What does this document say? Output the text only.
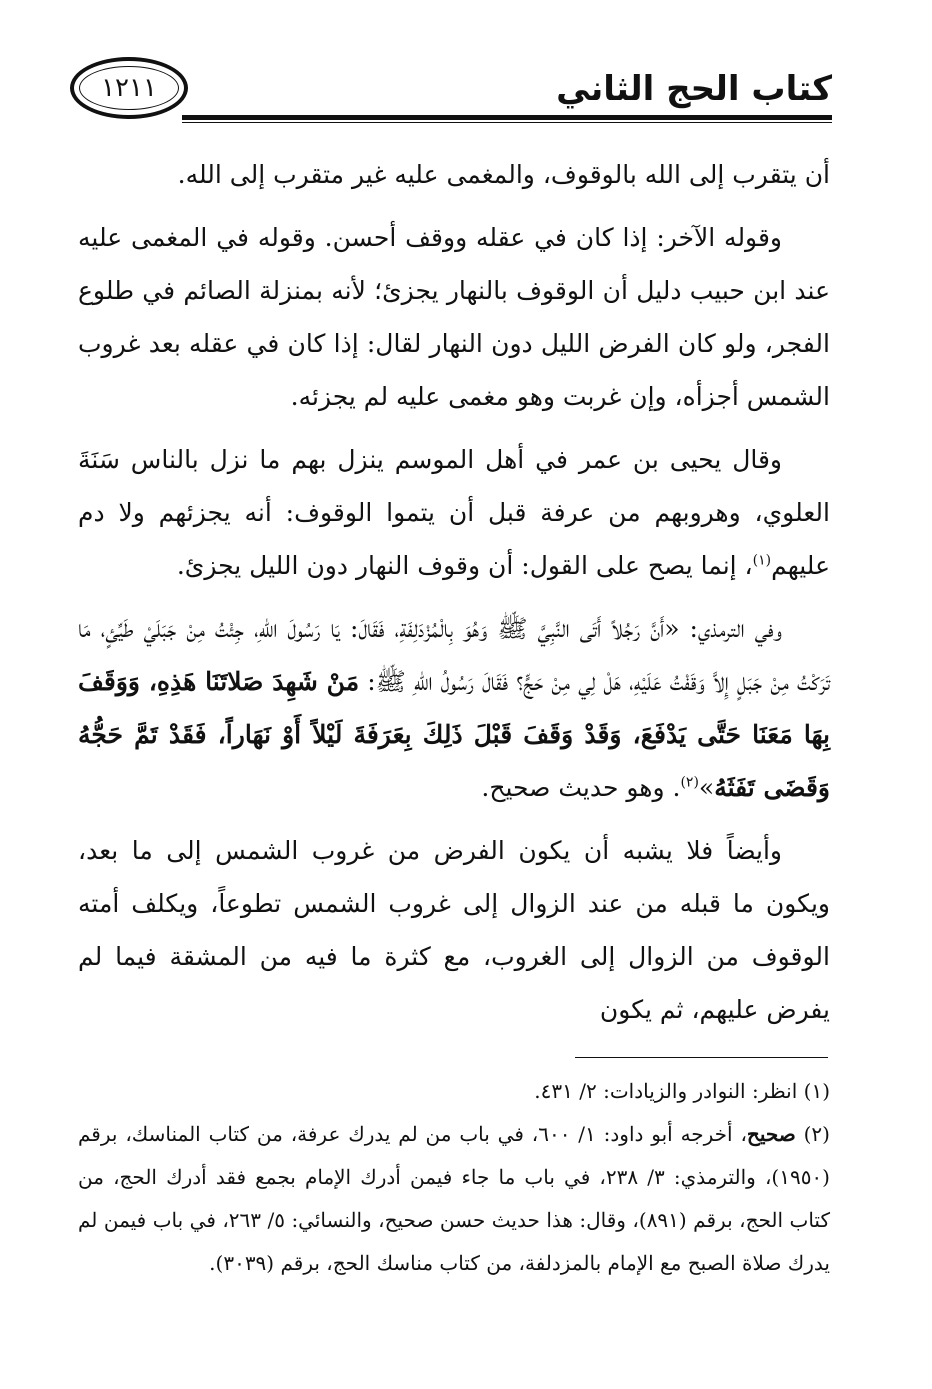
كتاب الحج الثاني
١٢١١

أن يتقرب إلى الله بالوقوف، والمغمى عليه غير متقرب إلى الله.

وقوله الآخر: إذا كان في عقله ووقف أحسن. وقوله في المغمى عليه عند ابن حبيب دليل أن الوقوف بالنهار يجزئ؛ لأنه بمنزلة الصائم في طلوع الفجر، ولو كان الفرض الليل دون النهار لقال: إذا كان في عقله بعد غروب الشمس أجزأه، وإن غربت وهو مغمى عليه لم يجزئه.

وقال يحيى بن عمر في أهل الموسم ينزل بهم ما نزل بالناس سَنَةَ العلوي، وهروبهم من عرفة قبل أن يتموا الوقوف: أنه يجزئهم ولا دم عليهم$^{(١)}$، إنما يصح على القول: أن وقوف النهار دون الليل يجزئ.

وفي الترمذي: «أَنَّ رَجُلاً أَتَى النَّبِيَّ ﷺ وَهُوَ بِالْمُزْدَلِفَةِ، فَقَالَ: يَا رَسُولَ اللهِ، جِئْتُ مِنْ جَبَلَيْ طَيِّئٍ، مَا تَرَكْتُ مِنْ جَبَلٍ إِلاَّ وَقَفْتُ عَلَيْهِ، هَلْ لِي مِنْ حَجٍّ؟ فَقَالَ رَسُولُ اللهِ ﷺ: مَنْ شَهِدَ صَلاتَنَا هَذِهِ، وَوَقَفَ بِهَا مَعَنَا حَتَّى يَدْفَعَ، وَقَدْ وَقَفَ قَبْلَ ذَلِكَ بِعَرَفَةَ لَيْلاً أَوْ نَهَاراً، فَقَدْ تَمَّ حَجُّهُ وَقَضَى تَفَثَهُ»$^{(٢)}$. وهو حديث صحيح.

وأيضاً فلا يشبه أن يكون الفرض من غروب الشمس إلى ما بعد، ويكون ما قبله من عند الزوال إلى غروب الشمس تطوعاً، ويكلف أمته الوقوف من الزوال إلى الغروب، مع كثرة ما فيه من المشقة فيما لم يفرض عليهم، ثم يكون

(١) انظر: النوادر والزيادات: ٢/ ٤٣١.

(٢) صحيح، أخرجه أبو داود: ١/ ٦٠٠، في باب من لم يدرك عرفة، من كتاب المناسك، برقم (١٩٥٠)، والترمذي: ٣/ ٢٣٨، في باب ما جاء فيمن أدرك الإمام بجمع فقد أدرك الحج، من كتاب الحج، برقم (٨٩١)، وقال: هذا حديث حسن صحيح، والنسائي: ٥/ ٢٦٣، في باب فيمن لم يدرك صلاة الصبح مع الإمام بالمزدلفة، من كتاب مناسك الحج، برقم (٣٠٣٩).
